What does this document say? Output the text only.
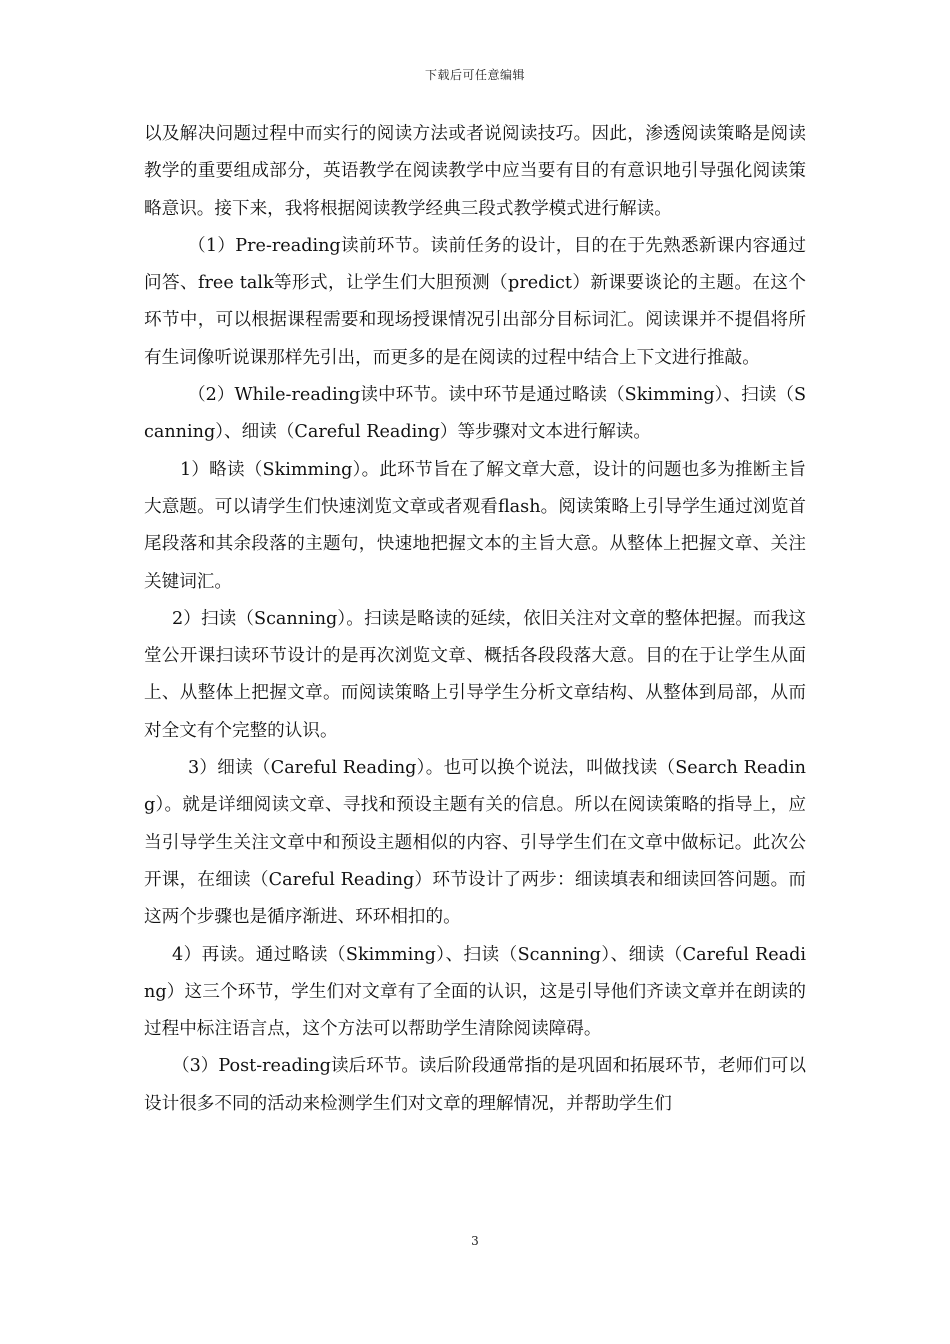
下载后可任意编辑

以及解决问题过程中而实行的阅读方法或者说阅读技巧。因此，渗透阅读策略是阅读教学的重要组成部分，英语教学在阅读教学中应当要有目的有意识地引导强化阅读策略意识。接下来，我将根据阅读教学经典三段式教学模式进行解读。

（1）Pre-reading读前环节。读前任务的设计，目的在于先熟悉新课内容通过问答、free talk等形式，让学生们大胆预测（predict）新课要谈论的主题。在这个环节中，可以根据课程需要和现场授课情况引出部分目标词汇。阅读课并不提倡将所有生词像听说课那样先引出，而更多的是在阅读的过程中结合上下文进行推敲。

（2）While-reading读中环节。读中环节是通过略读（Skimming）、扫读（Scanning）、细读（Careful Reading）等步骤对文本进行解读。

1）略读（Skimming）。此环节旨在了解文章大意，设计的问题也多为推断主旨大意题。可以请学生们快速浏览文章或者观看flash。阅读策略上引导学生通过浏览首尾段落和其余段落的主题句，快速地把握文本的主旨大意。从整体上把握文章、关注关键词汇。

2）扫读（Scanning）。扫读是略读的延续，依旧关注对文章的整体把握。而我这堂公开课扫读环节设计的是再次浏览文章、概括各段段落大意。目的在于让学生从面上、从整体上把握文章。而阅读策略上引导学生分析文章结构、从整体到局部，从而对全文有个完整的认识。

3）细读（Careful Reading）。也可以换个说法，叫做找读（Search Reading）。就是详细阅读文章、寻找和预设主题有关的信息。所以在阅读策略的指导上，应当引导学生关注文章中和预设主题相似的内容、引导学生们在文章中做标记。此次公开课，在细读（Careful Reading）环节设计了两步：细读填表和细读回答问题。而这两个步骤也是循序渐进、环环相扣的。

4）再读。通过略读（Skimming）、扫读（Scanning）、细读（Careful Reading）这三个环节，学生们对文章有了全面的认识，这是引导他们齐读文章并在朗读的过程中标注语言点，这个方法可以帮助学生清除阅读障碍。

（3）Post-reading读后环节。读后阶段通常指的是巩固和拓展环节，老师们可以设计很多不同的活动来检测学生们对文章的理解情况，并帮助学生们

3
